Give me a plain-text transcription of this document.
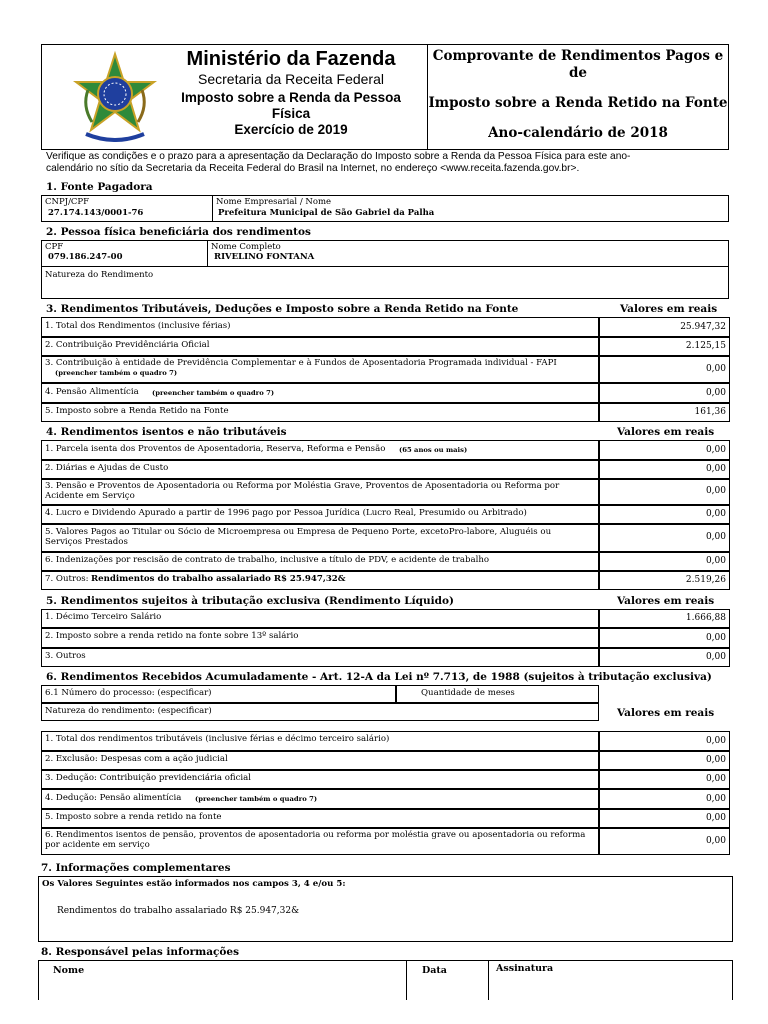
Ministério da Fazenda
Secretaria da Receita Federal
Imposto sobre a Renda da Pessoa
Física
Exercício de 2019
Comprovante de Rendimentos Pagos e
de
Imposto sobre a Renda Retido na Fonte
Ano-calendário de 2018
Verifique as condições e o prazo para a apresentação da Declaração do Imposto sobre a Renda da Pessoa Física para este ano-
calendário no sítio da Secretaria da Receita Federal do Brasil na Internet, no endereço <www.receita.fazenda.gov.br>.
1. Fonte Pagadora
CNPJ/CPF
27.174.143/0001-76
Nome Empresarial / Nome
Prefeitura Municipal de São Gabriel da Palha
2. Pessoa física beneficiária dos rendimentos
CPF
079.186.247-00
Nome Completo
RIVELINO FONTANA
Natureza do Rendimento
3. Rendimentos Tributáveis, Deduções e Imposto sobre a Renda Retido na Fonte	Valores em reais
1. Total dos Rendimentos (inclusive férias)	25.947,32
2. Contribuição Previdênciária Oficial	2.125,15
3. Contribuição à entidade de Previdência Complementar e à Fundos de Aposentadoria Programada individual - FAPI
(preencher também o quadro 7)	0,00
4. Pensão Alimentícia (preencher também o quadro 7)	0,00
5. Imposto sobre a Renda Retido na Fonte	161,36
4. Rendimentos isentos e não tributáveis	Valores em reais
1. Parcela isenta dos Proventos de Aposentadoria, Reserva, Reforma e Pensão (65 anos ou mais)	0,00
2. Diárias e Ajudas de Custo	0,00
3. Pensão e Proventos de Aposentadoria ou Reforma por Moléstia Grave, Proventos de Aposentadoria ou Reforma por Acidente em Serviço	0,00
4. Lucro e Dividendo Apurado a partir de 1996 pago por Pessoa Jurídica (Lucro Real, Presumido ou Arbitrado)	0,00
5. Valores Pagos ao Titular ou Sócio de Microempresa ou Empresa de Pequeno Porte, excetoPro-labore, Aluguéis ou Serviços Prestados	0,00
6. Indenizações por rescisão de contrato de trabalho, inclusive a título de PDV, e acidente de trabalho	0,00
7. Outros: Rendimentos do trabalho assalariado R$ 25.947,32&	2.519,26
5. Rendimentos sujeitos à tributação exclusiva (Rendimento Líquido)	Valores em reais
1. Décimo Terceiro Salário	1.666,88
2. Imposto sobre a renda retido na fonte sobre 13º salário	0,00
3. Outros	0,00
6. Rendimentos Recebidos Acumuladamente - Art. 12-A da Lei nº 7.713, de 1988 (sujeitos à tributação exclusiva)
6.1 Número do processo: (especificar)	Quantidade de meses
Natureza do rendimento: (especificar)	Valores em reais
1. Total dos rendimentos tributáveis (inclusive férias e décimo terceiro salário)	0,00
2. Exclusão: Despesas com a ação judicial	0,00
3. Dedução: Contribuição previdenciária oficial	0,00
4. Dedução: Pensão alimentícia (preencher também o quadro 7)	0,00
5. Imposto sobre a renda retido na fonte	0,00
6. Rendimentos isentos de pensão, proventos de aposentadoria ou reforma por moléstia grave ou aposentadoria ou reforma por acidente em serviço	0,00
7. Informações complementares
Os Valores Seguintes estão informados nos campos 3, 4 e/ou 5:
Rendimentos do trabalho assalariado R$ 25.947,32&
8. Responsável pelas informações
Nome	Data	Assinatura
